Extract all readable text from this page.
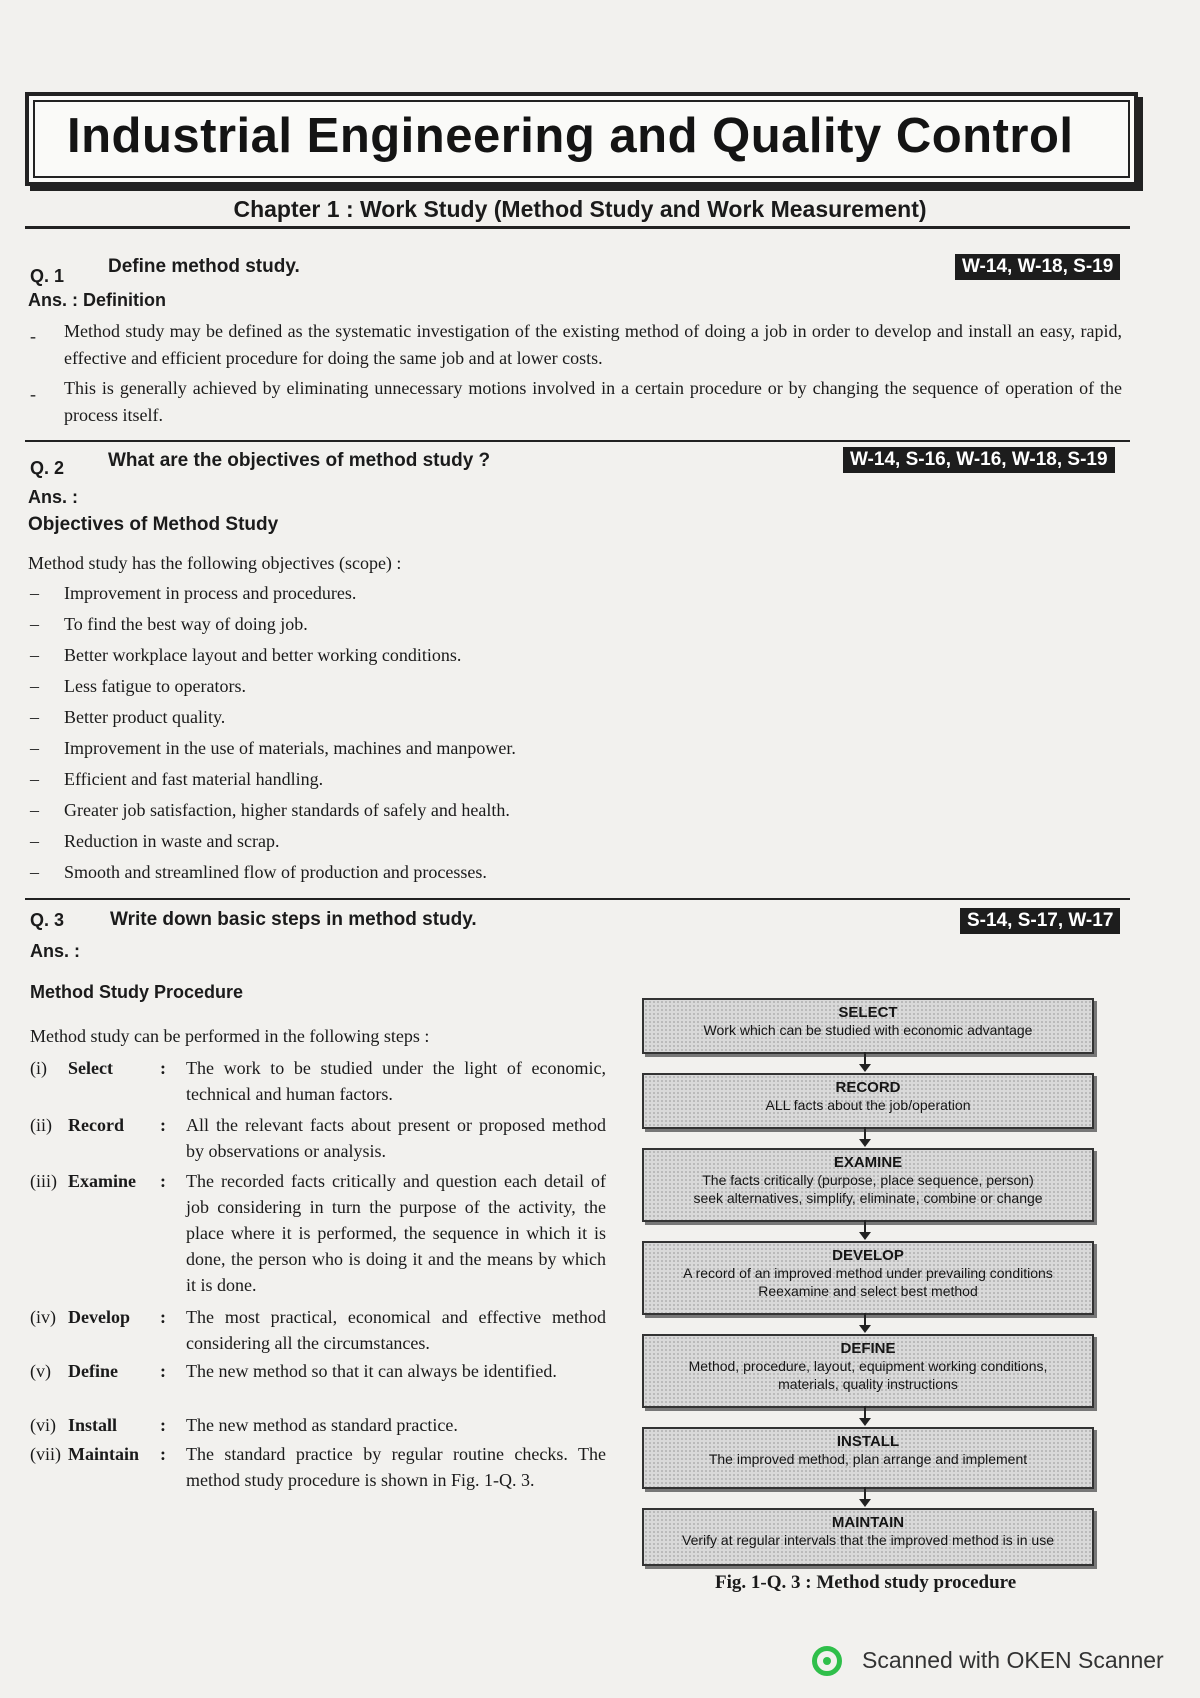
Industrial Engineering and Quality Control
Chapter 1 : Work Study (Method Study and Work Measurement)
Q. 1 Define method study.	W-14, W-18, S-19
Ans. : Definition
- Method study may be defined as the systematic investigation of the existing method of doing a job in order to develop and install an easy, rapid, effective and efficient procedure for doing the same job and at lower costs.
- This is generally achieved by eliminating unnecessary motions involved in a certain procedure or by changing the sequence of operation of the process itself.
Q. 2 What are the objectives of method study ?	W-14, S-16, W-16, W-18, S-19
Ans. :
Objectives of Method Study
Method study has the following objectives (scope) :
– Improvement in process and procedures.
– To find the best way of doing job.
– Better workplace layout and better working conditions.
– Less fatigue to operators.
– Better product quality.
– Improvement in the use of materials, machines and manpower.
– Efficient and fast material handling.
– Greater job satisfaction, higher standards of safely and health.
– Reduction in waste and scrap.
– Smooth and streamlined flow of production and processes.
Q. 3 Write down basic steps in method study.	S-14, S-17, W-17
Ans. :
Method Study Procedure
Method study can be performed in the following steps :
(i)	Select	: The work to be studied under the light of economic, technical and human factors.
(ii) Record : All the relevant facts about present or proposed method by observations or analysis.
(iii) Examine : The recorded facts critically and question each detail of job considering in turn the purpose of the activity, the place where it is performed, the sequence in which it is done, the person who is doing it and the means by which it is done.
(iv) Develop : The most practical, economical and effective method considering all the circumstances.
(v) Define : The new method so that it can always be identified.
(vi) Install : The new method as standard practice.
(vii) Maintain : The standard practice by regular routine checks. The method study procedure is shown in Fig. 1-Q. 3.
SELECT
Work which can be studied with economic advantage
RECORD
ALL facts about the job/operation
EXAMINE
The facts critically (purpose, place sequence, person)
seek alternatives, simplify, eliminate, combine or change
DEVELOP
A record of an improved method under prevailing conditions
Reexamine and select best method
DEFINE
Method, procedure, layout, equipment working conditions,
materials, quality instructions
INSTALL
The improved method, plan arrange and implement
MAINTAIN
Verify at regular intervals that the improved method is in use
Fig. 1-Q. 3 : Method study procedure
Scanned with OKEN Scanner
